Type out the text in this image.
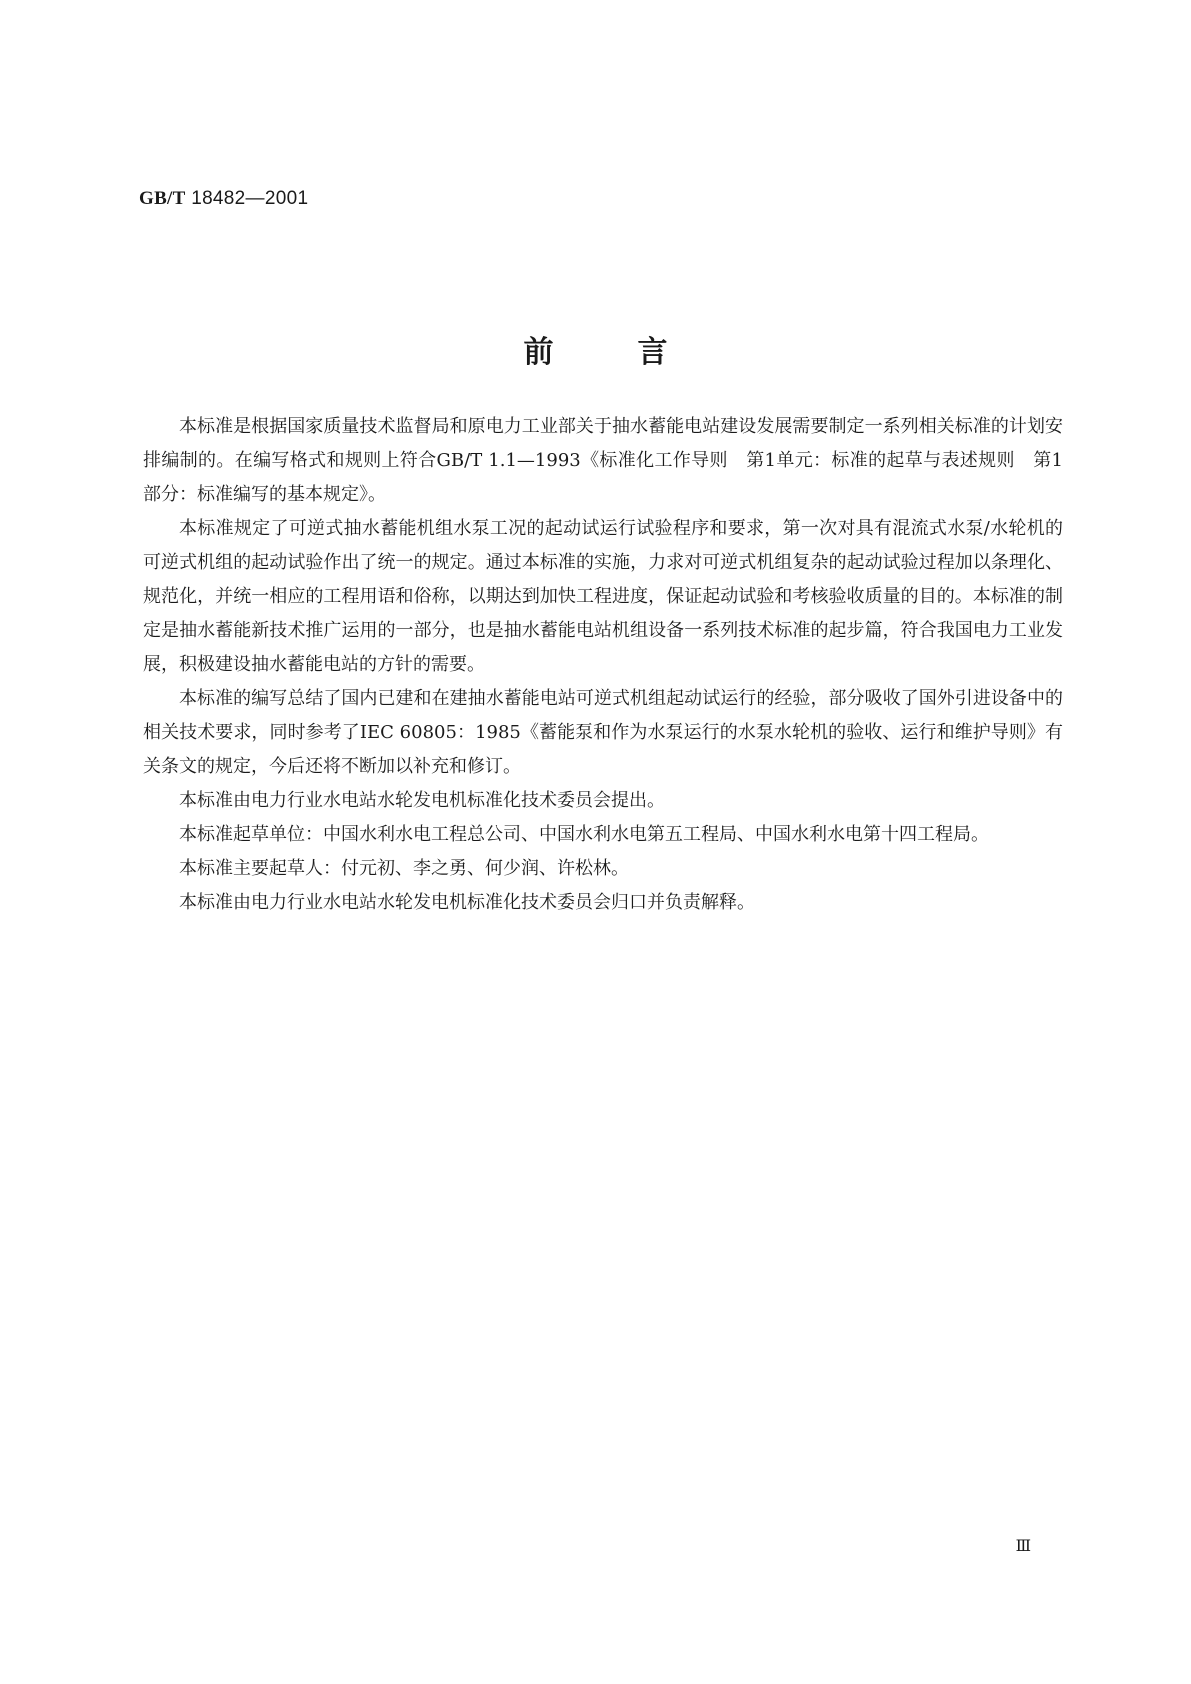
GB/T 18482—2001
前言

本标准是根据国家质量技术监督局和原电力工业部关于抽水蓄能电站建设发展需要制定一系列相关标准的计划安排编制的。在编写格式和规则上符合GB/T 1.1—1993《标准化工作导则　第1单元：标准的起草与表述规则　第1部分：标准编写的基本规定》。

本标准规定了可逆式抽水蓄能机组水泵工况的起动试运行试验程序和要求，第一次对具有混流式水泵/水轮机的可逆式机组的起动试验作出了统一的规定。通过本标准的实施，力求对可逆式机组复杂的起动试验过程加以条理化、规范化，并统一相应的工程用语和俗称，以期达到加快工程进度，保证起动试验和考核验收质量的目的。本标准的制定是抽水蓄能新技术推广运用的一部分，也是抽水蓄能电站机组设备一系列技术标准的起步篇，符合我国电力工业发展，积极建设抽水蓄能电站的方针的需要。

本标准的编写总结了国内已建和在建抽水蓄能电站可逆式机组起动试运行的经验，部分吸收了国外引进设备中的相关技术要求，同时参考了IEC 60805：1985《蓄能泵和作为水泵运行的水泵水轮机的验收、运行和维护导则》有关条文的规定，今后还将不断加以补充和修订。

本标准由电力行业水电站水轮发电机标准化技术委员会提出。

本标准起草单位：中国水利水电工程总公司、中国水利水电第五工程局、中国水利水电第十四工程局。

本标准主要起草人：付元初、李之勇、何少润、许松林。

本标准由电力行业水电站水轮发电机标准化技术委员会归口并负责解释。

Ⅲ
